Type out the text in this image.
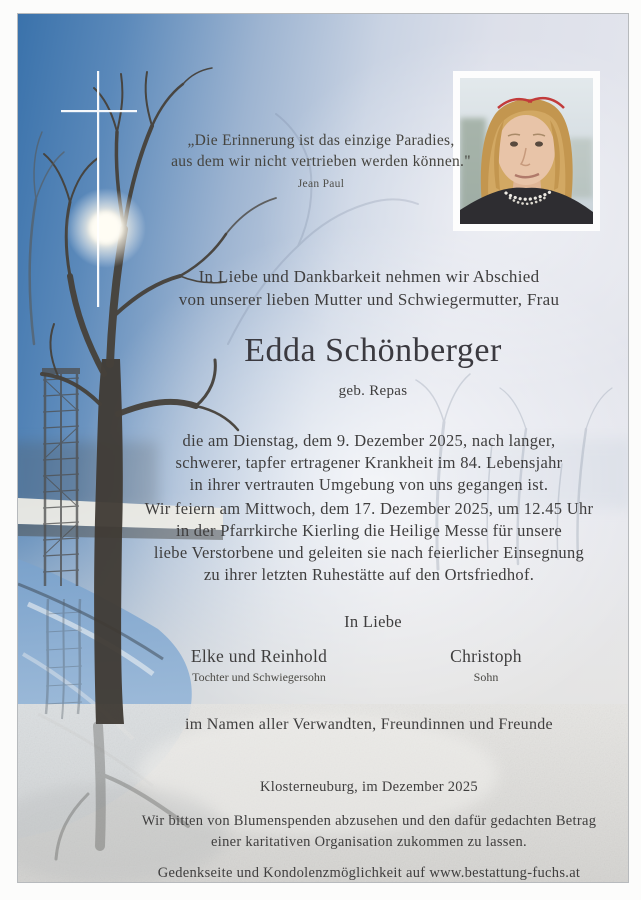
„Die Erinnerung ist das einzige Paradies,
aus dem wir nicht vertrieben werden können."
Jean Paul
In Liebe und Dankbarkeit nehmen wir Abschied
von unserer lieben Mutter und Schwiegermutter, Frau
Edda Schönberger
geb. Repas
die am Dienstag, dem 9. Dezember 2025, nach langer,
schwerer, tapfer ertragener Krankheit im 84. Lebensjahr
in ihrer vertrauten Umgebung von uns gegangen ist.
Wir feiern am Mittwoch, dem 17. Dezember 2025, um 12.45 Uhr
in der Pfarrkirche Kierling die Heilige Messe für unsere
liebe Verstorbene und geleiten sie nach feierlicher Einsegnung
zu ihrer letzten Ruhestätte auf den Ortsfriedhof.
In Liebe
Elke und Reinhold
Tochter und Schwiegersohn
Christoph
Sohn
im Namen aller Verwandten, Freundinnen und Freunde
Klosterneuburg, im Dezember 2025
Wir bitten von Blumenspenden abzusehen und den dafür gedachten Betrag
einer karitativen Organisation zukommen zu lassen.
Gedenkseite und Kondolenzmöglichkeit auf www.bestattung-fuchs.at
